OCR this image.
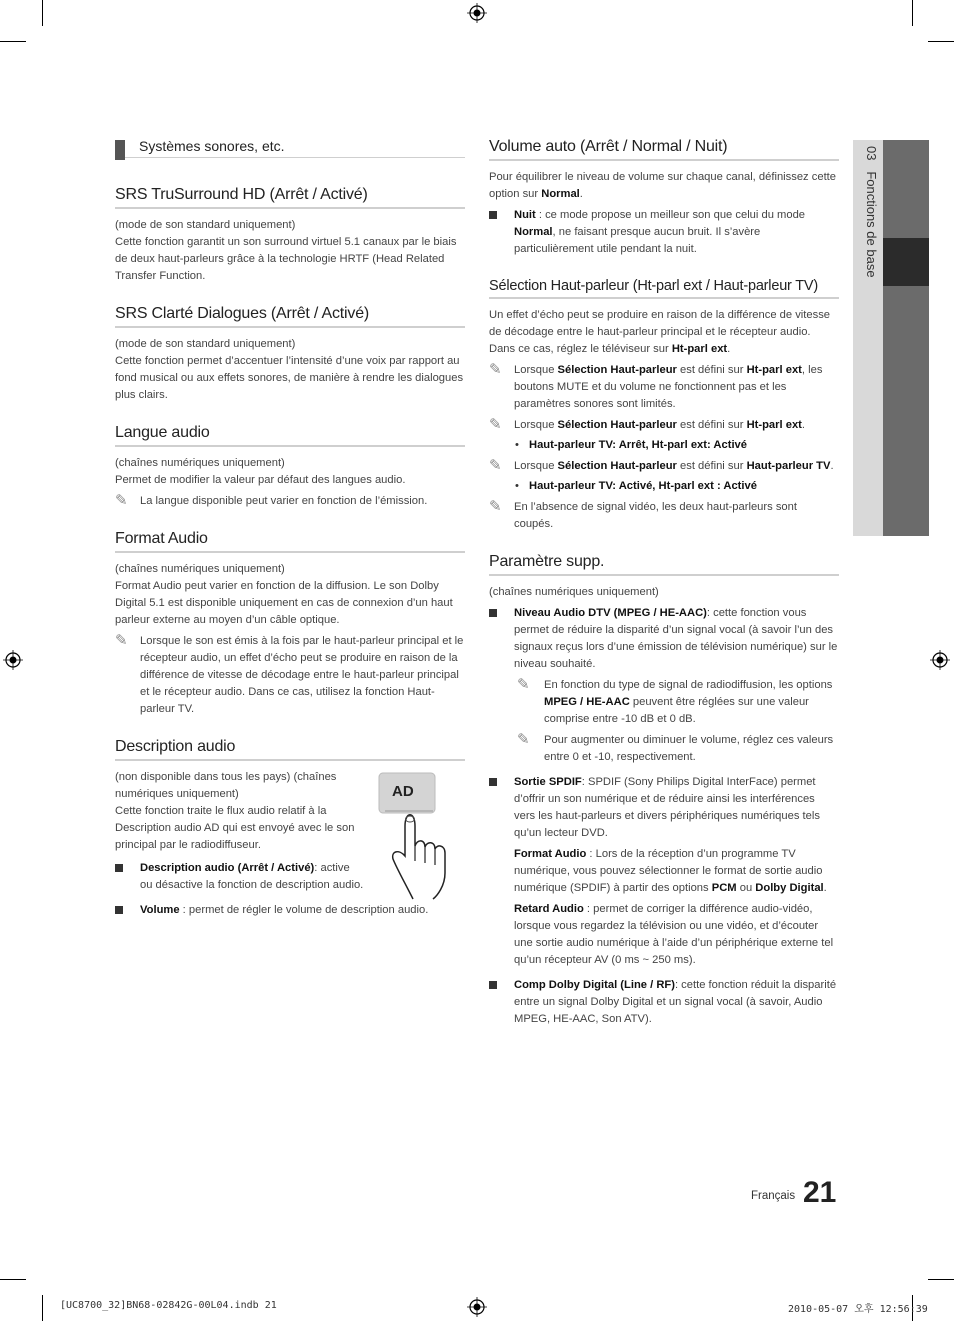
Systèmes sonores, etc.
SRS TruSurround HD (Arrêt / Activé)

(mode de son standard uniquement)

Cette fonction garantit un son surround virtuel 5.1 canaux par le biais de deux haut-parleurs grâce à la technologie HRTF (Head Related Transfer Function.

SRS Clarté Dialogues (Arrêt / Activé)

(mode de son standard uniquement)

Cette fonction permet d’accentuer l’intensité d’une voix par rapport au fond musical ou aux effets sonores, de manière à rendre les dialogues plus clairs.

Langue audio

(chaînes numériques uniquement)

Permet de modifier la valeur par défaut des langues audio.

✎ La langue disponible peut varier en fonction de l’émission.
Format Audio

(chaînes numériques uniquement)

Format Audio peut varier en fonction de la diffusion. Le son Dolby Digital 5.1 est disponible uniquement en cas de connexion d’un haut parleur externe au moyen d’un câble optique.

✎ Lorsque le son est émis à la fois par le haut-parleur principal et le récepteur audio, un effet d’écho peut se produire en raison de la différence de vitesse de décodage entre le haut-parleur principal et le récepteur audio. Dans ce cas, utilisez la fonction Haut-parleur TV.
Description audio
AD

(non disponible dans tous les pays) (chaînes numériques uniquement)

Cette fonction traite le flux audio relatif à la Description audio AD qui est envoyé avec le son principal par le radiodiffuseur.

Description audio (Arrêt / Activé): active ou désactive la fonction de description audio.

Volume : permet de régler le volume de description audio.

Volume auto (Arrêt / Normal / Nuit)

Pour équilibrer le niveau de volume sur chaque canal, définissez cette option sur Normal.

Nuit : ce mode propose un meilleur son que celui du mode Normal, ne faisant presque aucun bruit. Il s’avère particulièrement utile pendant la nuit.

Sélection Haut-parleur (Ht-parl ext / Haut-parleur TV)

Un effet d’écho peut se produire en raison de la différence de vitesse de décodage entre le haut-parleur principal et le récepteur audio. Dans ce cas, réglez le téléviseur sur Ht-parl ext.

✎ Lorsque Sélection Haut-parleur est défini sur Ht-parl ext, les boutons MUTE et du volume ne fonctionnent pas et les paramètres sonores sont limités.
✎ Lorsque Sélection Haut-parleur est défini sur Ht-parl ext.
• Haut-parleur TV: Arrêt, Ht-parl ext: Activé
✎ Lorsque Sélection Haut-parleur est défini sur Haut-parleur TV.
• Haut-parleur TV: Activé, Ht-parl ext : Activé
✎ En l’absence de signal vidéo, les deux haut-parleurs sont coupés.
Paramètre supp.

(chaînes numériques uniquement)

Niveau Audio DTV (MPEG / HE-AAC): cette fonction vous permet de réduire la disparité d’un signal vocal (à savoir l’un des signaux reçus lors d’une émission de télévision numérique) sur le niveau souhaité.

✎ En fonction du type de signal de radiodiffusion, les options MPEG / HE-AAC peuvent être réglées sur une valeur comprise entre -10 dB et 0 dB.
✎ Pour augmenter ou diminuer le volume, réglez ces valeurs entre 0 et -10, respectivement.

Sortie SPDIF: SPDIF (Sony Philips Digital InterFace) permet d’offrir un son numérique et de réduire ainsi les interférences vers les haut-parleurs et divers périphériques numériques tels qu’un lecteur DVD.

Format Audio : Lors de la réception d’un programme TV numérique, vous pouvez sélectionner le format de sortie audio numérique (SPDIF) à partir des options PCM ou Dolby Digital.

Retard Audio : permet de corriger la différence audio-vidéo, lorsque vous regardez la télévision ou une vidéo, et d’écouter une sortie audio numérique à l’aide d’un périphérique externe tel qu’un récepteur AV (0 ms ~ 250 ms).

Comp Dolby Digital (Line / RF): cette fonction réduit la disparité entre un signal Dolby Digital et un signal vocal (à savoir, Audio MPEG, HE-AAC, Son ATV).

03   Fonctions de base
Français 21
[UC8700_32]BN68-02842G-00L04.indb 21	2010-05-07 오후 12:56:39
